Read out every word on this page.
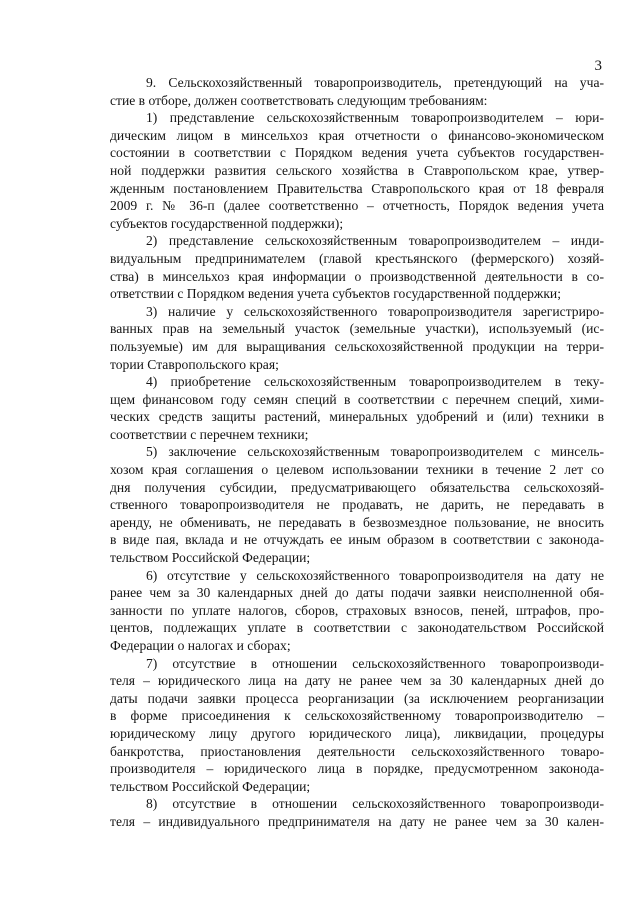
3
9. Сельскохозяйственный товаропроизводитель, претендующий на уча-
стие в отборе, должен соответствовать следующим требованиям:
1) представление сельскохозяйственным товаропроизводителем – юри-
дическим лицом в минсельхоз края отчетности о финансово-экономическом
состоянии в соответствии с Порядком ведения учета субъектов государствен-
ной поддержки развития сельского хозяйства в Ставропольском крае, утвер-
жденным постановлением Правительства Ставропольского края от 18 февраля
2009 г. № 36-п (далее соответственно – отчетность, Порядок ведения учета
субъектов государственной поддержки);
2) представление сельскохозяйственным товаропроизводителем – инди-
видуальным предпринимателем (главой крестьянского (фермерского) хозяй-
ства) в минсельхоз края информации о производственной деятельности в со-
ответствии с Порядком ведения учета субъектов государственной поддержки;
3) наличие у сельскохозяйственного товаропроизводителя зарегистриро-
ванных прав на земельный участок (земельные участки), используемый (ис-
пользуемые) им для выращивания сельскохозяйственной продукции на терри-
тории Ставропольского края;
4) приобретение сельскохозяйственным товаропроизводителем в теку-
щем финансовом году семян специй в соответствии с перечнем специй, хими-
ческих средств защиты растений, минеральных удобрений и (или) техники в
соответствии с перечнем техники;
5) заключение сельскохозяйственным товаропроизводителем с минсель-
хозом края соглашения о целевом использовании техники в течение 2 лет со
дня получения субсидии, предусматривающего обязательства сельскохозяй-
ственного товаропроизводителя не продавать, не дарить, не передавать в
аренду, не обменивать, не передавать в безвозмездное пользование, не вносить
в виде пая, вклада и не отчуждать ее иным образом в соответствии с законода-
тельством Российской Федерации;
6) отсутствие у сельскохозяйственного товаропроизводителя на дату не
ранее чем за 30 календарных дней до даты подачи заявки неисполненной обя-
занности по уплате налогов, сборов, страховых взносов, пеней, штрафов, про-
центов, подлежащих уплате в соответствии с законодательством Российской
Федерации о налогах и сборах;
7) отсутствие в отношении сельскохозяйственного товаропроизводи-
теля – юридического лица на дату не ранее чем за 30 календарных дней до
даты подачи заявки процесса реорганизации (за исключением реорганизации
в форме присоединения к сельскохозяйственному товаропроизводителю –
юридическому лицу другого юридического лица), ликвидации, процедуры
банкротства, приостановления деятельности сельскохозяйственного товаро-
производителя – юридического лица в порядке, предусмотренном законода-
тельством Российской Федерации;
8) отсутствие в отношении сельскохозяйственного товаропроизводи-
теля – индивидуального предпринимателя на дату не ранее чем за 30 кален-
